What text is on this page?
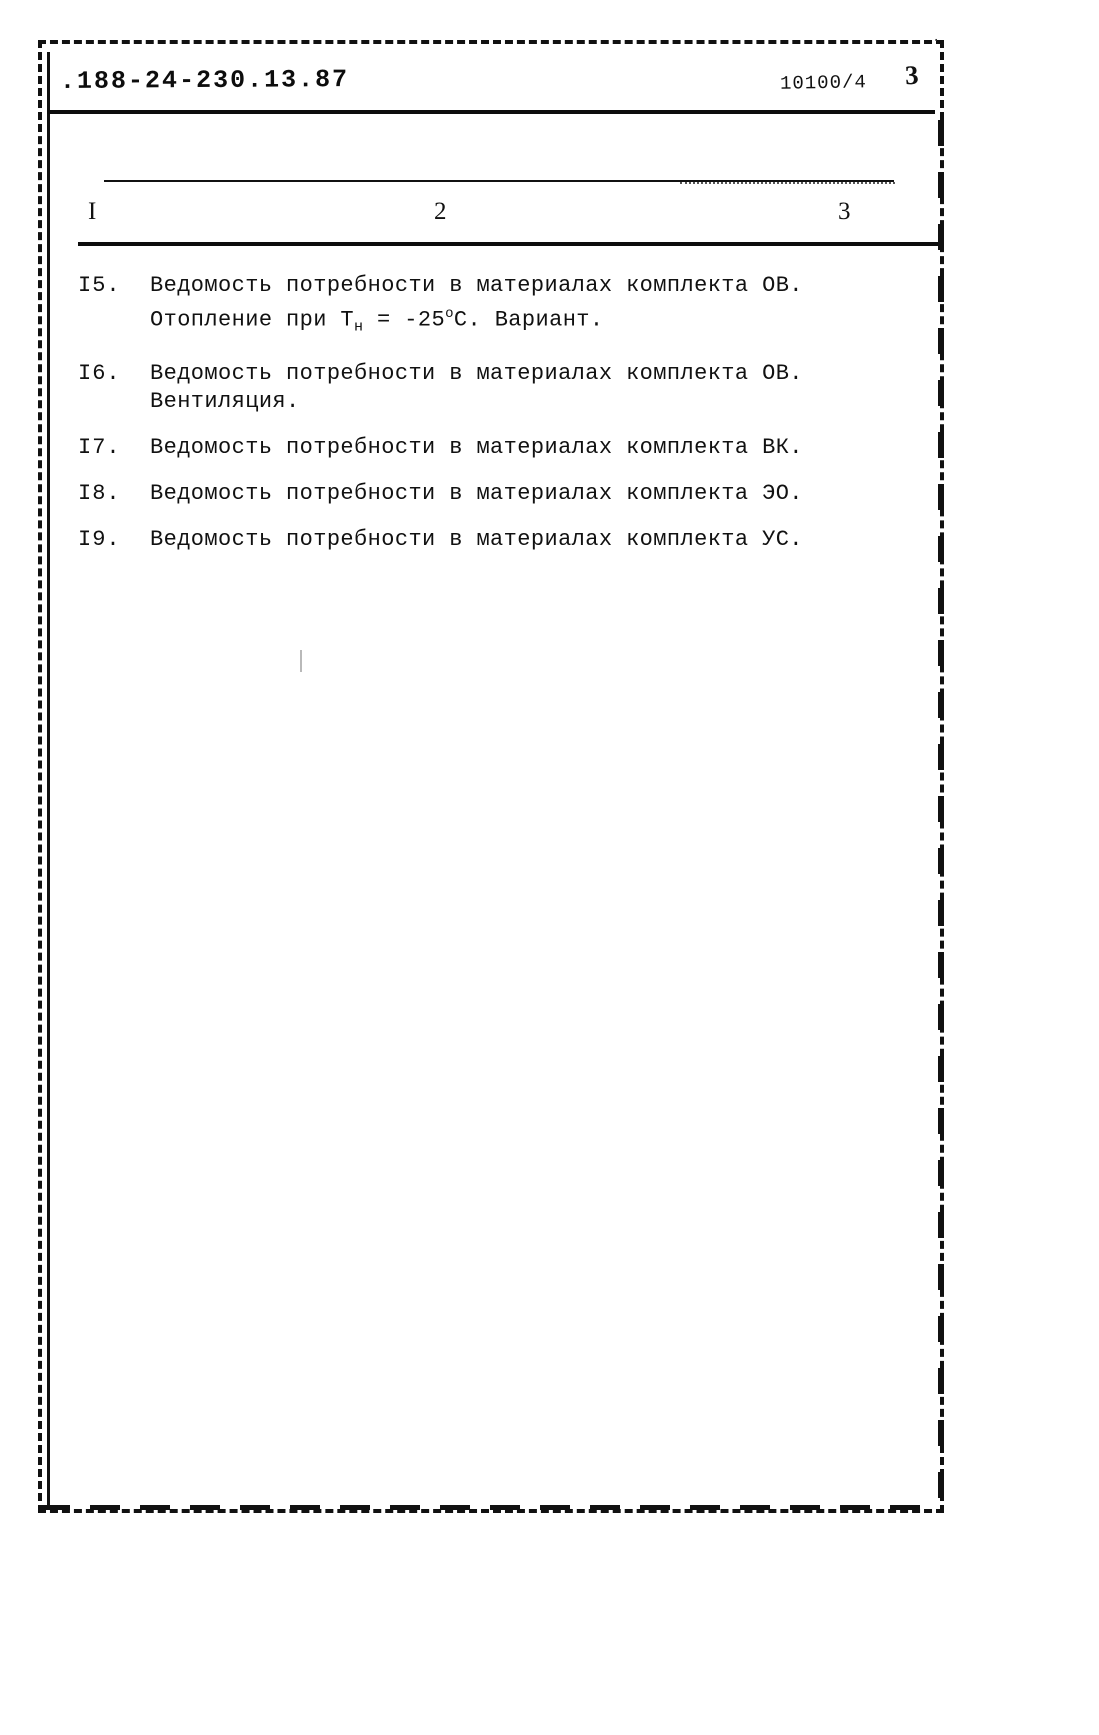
.188-24-230.13.87	10100/4 3
·
I	2	3
I5.	Ведомость потребности в материалах комплекта ОВ.
Отопление при $Т_н = -25^оС$. Вариант.
I6.	Ведомость потребности в материалах комплекта ОВ.
Вентиляция.
I7.	Ведомость потребности в материалах комплекта ВК.
I8.	Ведомость потребности в материалах комплекта ЭО.
I9.	Ведомость потребности в материалах комплекта УС.
